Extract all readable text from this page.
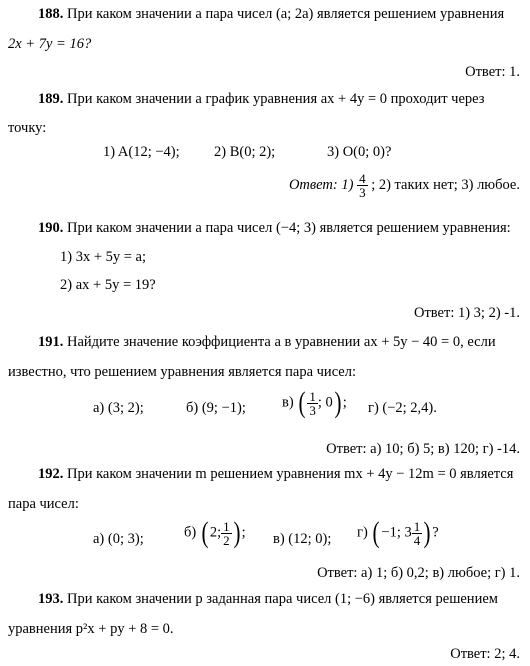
188. При каком значении a пара чисел (a; 2a) является решением уравнения
2x + 7y = 16?
Ответ: 1.
189. При каком значении a график уравнения ax + 4y = 0 проходит через
точку:
1) A(12; −4); 2) B(0; 2);	3) O(0; 0)?
Ответ: $1) \frac{4}{3}$ ; 2) таких нет; 3) любое.
190. При каком значении a пара чисел (−4; 3) является решением уравнения:
1) 3x + 5y = a;
2) ax + 5y = 19?
Ответ: 1) 3; 2) -1.
191. Найдите значение коэффициента a в уравнении ax + 5y − 40 = 0, если
известно, что решением уравнения является пара чисел:
а) (3; 2);	б) (9; −1); в) ( $\frac{1}{3}$ ; 0) ; г) (−2; 2,4).
Ответ: а) 10; б) 5; в) 120; г) -14.
192. При каком значении m решением уравнения mx + 4y − 12m = 0 является
пара чисел:
а) (0; 3);	б) ( 2; $\frac{1}{2}$ ) ; в) (12; 0); г) ( −1; $3 \frac{1}{4}$ ) ?
Ответ: а) 1; б) 0,2; в) любое; г) 1.
193. При каком значении p заданная пара чисел (1; −6) является решением
уравнения p²x + py + 8 = 0.
Ответ: 2; 4.
